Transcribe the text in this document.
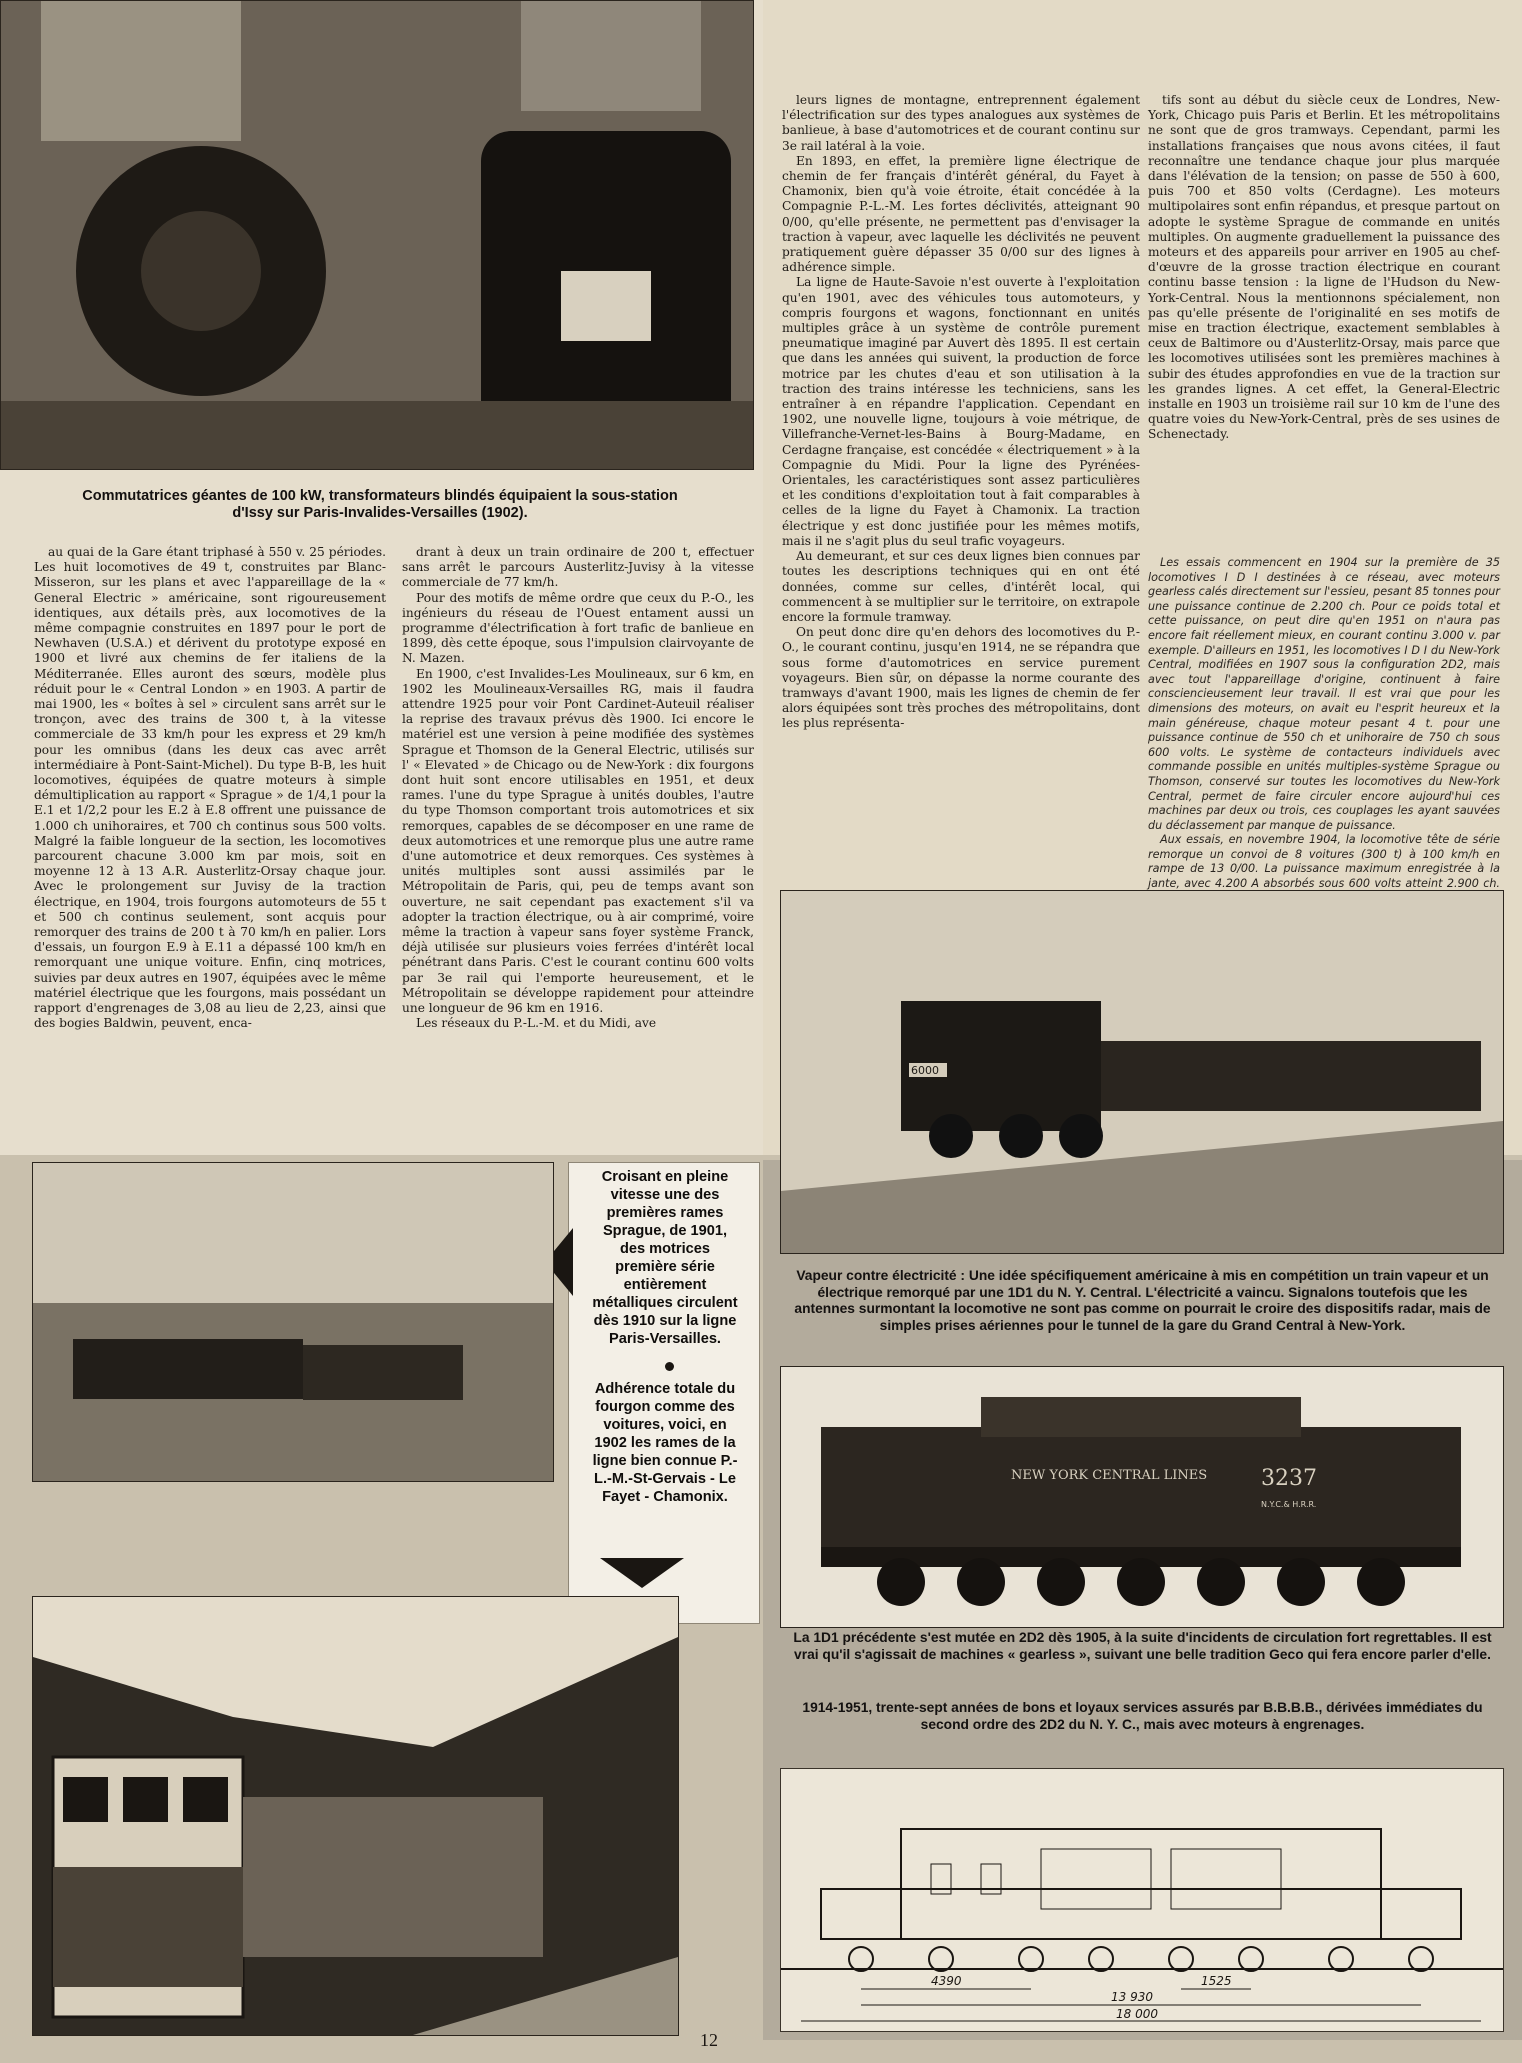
Commutatrices géantes de 100 kW, transformateurs blindés équipaient la sous-station d'Issy sur Paris-Invalides-Versailles (1902).

au quai de la Gare étant triphasé à 550 v. 25 périodes. Les huit locomotives de 49 t, construites par Blanc-Misseron, sur les plans et avec l'appareillage de la « General Electric » américaine, sont rigoureusement identiques, aux détails près, aux locomotives de la même compagnie construites en 1897 pour le port de Newhaven (U.S.A.) et dérivent du prototype exposé en 1900 et livré aux chemins de fer italiens de la Méditerranée. Elles auront des sœurs, modèle plus réduit pour le « Central London » en 1903. A partir de mai 1900, les « boîtes à sel » circulent sans arrêt sur le tronçon, avec des trains de 300 t, à la vitesse commerciale de 33 km/h pour les express et 29 km/h pour les omnibus (dans les deux cas avec arrêt intermédiaire à Pont-Saint-Michel). Du type B-B, les huit locomotives, équipées de quatre moteurs à simple démultiplication au rapport « Sprague » de 1/4,1 pour la E.1 et 1/2,2 pour les E.2 à E.8 offrent une puissance de 1.000 ch unihoraires, et 700 ch continus sous 500 volts. Malgré la faible longueur de la section, les locomotives parcourent chacune 3.000 km par mois, soit en moyenne 12 à 13 A.R. Austerlitz-Orsay chaque jour. Avec le prolongement sur Juvisy de la traction électrique, en 1904, trois fourgons automoteurs de 55 t et 500 ch continus seulement, sont acquis pour remorquer des trains de 200 t à 70 km/h en palier. Lors d'essais, un fourgon E.9 à E.11 a dépassé 100 km/h en remorquant une unique voiture. Enfin, cinq motrices, suivies par deux autres en 1907, équipées avec le même matériel électrique que les fourgons, mais possédant un rapport d'engrenages de 3,08 au lieu de 2,23, ainsi que des bogies Baldwin, peuvent, enca-

drant à deux un train ordinaire de 200 t, effectuer sans arrêt le parcours Austerlitz-Juvisy à la vitesse commerciale de 77 km/h.

Pour des motifs de même ordre que ceux du P.-O., les ingénieurs du réseau de l'Ouest entament aussi un programme d'électrification à fort trafic de banlieue en 1899, dès cette époque, sous l'impulsion clairvoyante de N. Mazen.

En 1900, c'est Invalides-Les Moulineaux, sur 6 km, en 1902 les Moulineaux-Versailles RG, mais il faudra attendre 1925 pour voir Pont Cardinet-Auteuil réaliser la reprise des travaux prévus dès 1900. Ici encore le matériel est une version à peine modifiée des systèmes Sprague et Thomson de la General Electric, utilisés sur l' « Elevated » de Chicago ou de New-York : dix fourgons dont huit sont encore utilisables en 1951, et deux rames. l'une du type Sprague à unités doubles, l'autre du type Thomson comportant trois automotrices et six remorques, capables de se décomposer en une rame de deux automotrices et une remorque plus une autre rame d'une automotrice et deux remorques. Ces systèmes à unités multiples sont aussi assimilés par le Métropolitain de Paris, qui, peu de temps avant son ouverture, ne sait cependant pas exactement s'il va adopter la traction électrique, ou à air comprimé, voire même la traction à vapeur sans foyer système Franck, déjà utilisée sur plusieurs voies ferrées d'intérêt local pénétrant dans Paris. C'est le courant continu 600 volts par 3e rail qui l'emporte heureusement, et le Métropolitain se développe rapidement pour atteindre une longueur de 96 km en 1916.

Les réseaux du P.-L.-M. et du Midi, ave

leurs lignes de montagne, entreprennent également l'électrification sur des types analogues aux systèmes de banlieue, à base d'automotrices et de courant continu sur 3e rail latéral à la voie.

En 1893, en effet, la première ligne électrique de chemin de fer français d'intérêt général, du Fayet à Chamonix, bien qu'à voie étroite, était concédée à la Compagnie P.-L.-M. Les fortes déclivités, atteignant 90 0/00, qu'elle présente, ne permettent pas d'envisager la traction à vapeur, avec laquelle les déclivités ne peuvent pratiquement guère dépasser 35 0/00 sur des lignes à adhérence simple.

La ligne de Haute-Savoie n'est ouverte à l'exploitation qu'en 1901, avec des véhicules tous automoteurs, y compris fourgons et wagons, fonctionnant en unités multiples grâce à un système de contrôle purement pneumatique imaginé par Auvert dès 1895. Il est certain que dans les années qui suivent, la production de force motrice par les chutes d'eau et son utilisation à la traction des trains intéresse les techniciens, sans les entraîner à en répandre l'application. Cependant en 1902, une nouvelle ligne, toujours à voie métrique, de Villefranche-Vernet-les-Bains à Bourg-Madame, en Cerdagne française, est concédée « électriquement » à la Compagnie du Midi. Pour la ligne des Pyrénées-Orientales, les caractéristiques sont assez particulières et les conditions d'exploitation tout à fait comparables à celles de la ligne du Fayet à Chamonix. La traction électrique y est donc justifiée pour les mêmes motifs, mais il ne s'agit plus du seul trafic voyageurs.

Au demeurant, et sur ces deux lignes bien connues par toutes les descriptions techniques qui en ont été données, comme sur celles, d'intérêt local, qui commencent à se multiplier sur le territoire, on extrapole encore la formule tramway.

On peut donc dire qu'en dehors des locomotives du P.-O., le courant continu, jusqu'en 1914, ne se répandra que sous forme d'automotrices en service purement voyageurs. Bien sûr, on dépasse la norme courante des tramways d'avant 1900, mais les lignes de chemin de fer alors équipées sont très proches des métropolitains, dont les plus représenta-

tifs sont au début du siècle ceux de Londres, New-York, Chicago puis Paris et Berlin. Et les métropolitains ne sont que de gros tramways. Cependant, parmi les installations françaises que nous avons citées, il faut reconnaître une tendance chaque jour plus marquée dans l'élévation de la tension; on passe de 550 à 600, puis 700 et 850 volts (Cerdagne). Les moteurs multipolaires sont enfin répandus, et presque partout on adopte le système Sprague de commande en unités multiples. On augmente graduellement la puissance des moteurs et des appareils pour arriver en 1905 au chef-d'œuvre de la grosse traction électrique en courant continu basse tension : la ligne de l'Hudson du New-York-Central. Nous la mentionnons spécialement, non pas qu'elle présente de l'originalité en ses motifs de mise en traction électrique, exactement semblables à ceux de Baltimore ou d'Austerlitz-Orsay, mais parce que les locomotives utilisées sont les premières machines à subir des études approfondies en vue de la traction sur les grandes lignes. A cet effet, la General-Electric installe en 1903 un troisième rail sur 10 km de l'une des quatre voies du New-York-Central, près de ses usines de Schenectady.

Les essais commencent en 1904 sur la première de 35 locomotives I D I destinées à ce réseau, avec moteurs gearless calés directement sur l'essieu, pesant 85 tonnes pour une puissance continue de 2.200 ch. Pour ce poids total et cette puissance, on peut dire qu'en 1951 on n'aura pas encore fait réellement mieux, en courant continu 3.000 v. par exemple. D'ailleurs en 1951, les locomotives I D I du New-York Central, modifiées en 1907 sous la configuration 2D2, mais avec tout l'appareillage d'origine, continuent à faire consciencieusement leur travail. Il est vrai que pour les dimensions des moteurs, on avait eu l'esprit heureux et la main généreuse, chaque moteur pesant 4 t. pour une puissance continue de 550 ch et unihoraire de 750 ch sous 600 volts. Le système de contacteurs individuels avec commande possible en unités multiples-système Sprague ou Thomson, conservé sur toutes les locomotives du New-York Central, permet de faire circuler encore aujourd'hui ces machines par deux ou trois, ces couplages les ayant sauvées du déclassement par manque de puissance.

Aux essais, en novembre 1904, la locomotive tête de série remorque un convoi de 8 voitures (300 t) à 100 km/h en rampe de 13 0/00. La puissance maximum enregistrée à la jante, avec 4.200 A absorbés sous 600 volts atteint 2.900 ch.

6000
Vapeur contre électricité : Une idée spécifiquement américaine à mis en compétition un train vapeur et un électrique remorqué par une 1D1 du N. Y. Central. L'électricité a vaincu. Signalons toutefois que les antennes surmontant la locomotive ne sont pas comme on pourrait le croire des dispositifs radar, mais de simples prises aériennes pour le tunnel de la gare du Grand Central à New-York.
Croisant en pleine vitesse une des premières rames Sprague, de 1901, des motrices première série entièrement métalliques circulent dès 1910 sur la ligne Paris-Versailles.
Adhérence totale du fourgon comme des voitures, voici, en 1902 les rames de la ligne bien connue P.-L.-M.-St-Gervais - Le Fayet - Chamonix.
NEW YORK CENTRAL LINES 3237
N.Y.C.& H.R.R.
La 1D1 précédente s'est mutée en 2D2 dès 1905, à la suite d'incidents de circulation fort regrettables. Il est vrai qu'il s'agissait de machines « gearless », suivant une belle tradition Geco qui fera encore parler d'elle.
1914-1951, trente-sept années de bons et loyaux services assurés par B.B.B.B., dérivées immédiates du second ordre des 2D2 du N. Y. C., mais avec moteurs à engrenages.
4390	1525
13 930
18 000
12
